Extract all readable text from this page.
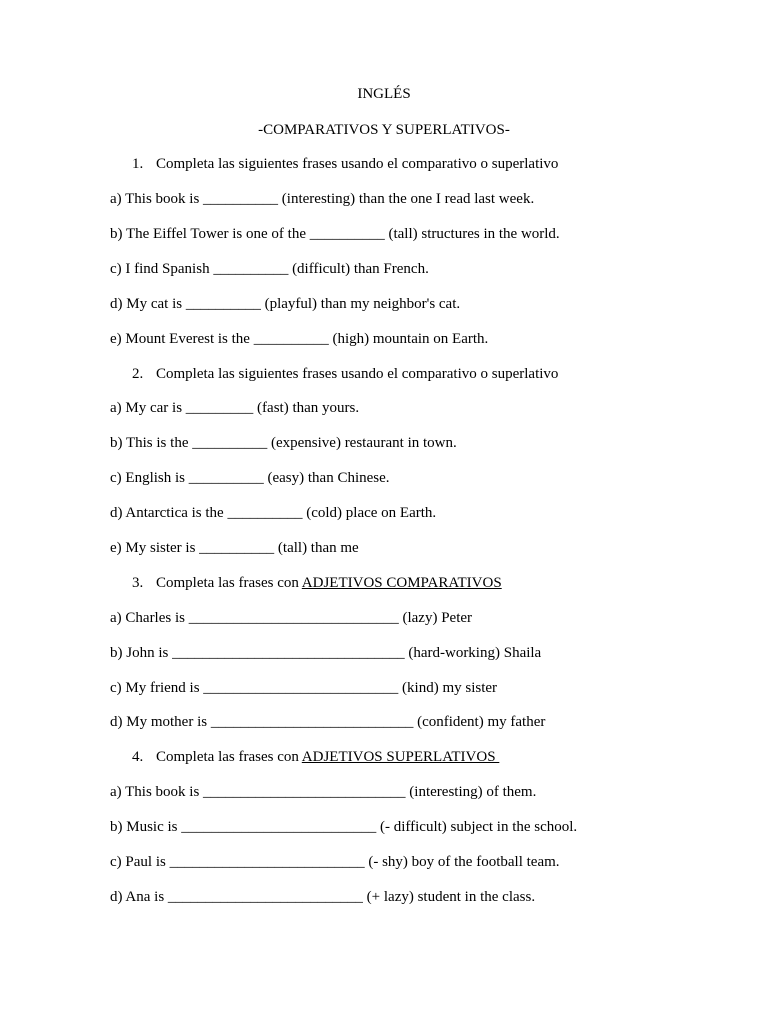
INGLÉS
-COMPARATIVOS Y SUPERLATIVOS-
1. Completa las siguientes frases usando el comparativo o superlativo
a) This book is __________ (interesting) than the one I read last week.
b) The Eiffel Tower is one of the __________ (tall) structures in the world.
c) I find Spanish __________ (difficult) than French.
d) My cat is __________ (playful) than my neighbor's cat.
e) Mount Everest is the __________ (high) mountain on Earth.
2. Completa las siguientes frases usando el comparativo o superlativo
a) My car is _________ (fast) than yours.
b) This is the __________ (expensive) restaurant in town.
c) English is __________ (easy) than Chinese.
d) Antarctica is the __________ (cold) place on Earth.
e) My sister is __________ (tall) than me
3. Completa las frases con ADJETIVOS COMPARATIVOS
a) Charles is ____________________________ (lazy) Peter
b) John is _______________________________ (hard-working) Shaila
c) My friend is __________________________ (kind) my sister
d) My mother is ___________________________ (confident) my father
4. Completa las frases con ADJETIVOS SUPERLATIVOS
a) This book is ___________________________ (interesting) of them.
b) Music is __________________________ (- difficult) subject in the school.
c) Paul is __________________________ (- shy) boy of the football team.
d) Ana is __________________________ (+ lazy) student in the class.
